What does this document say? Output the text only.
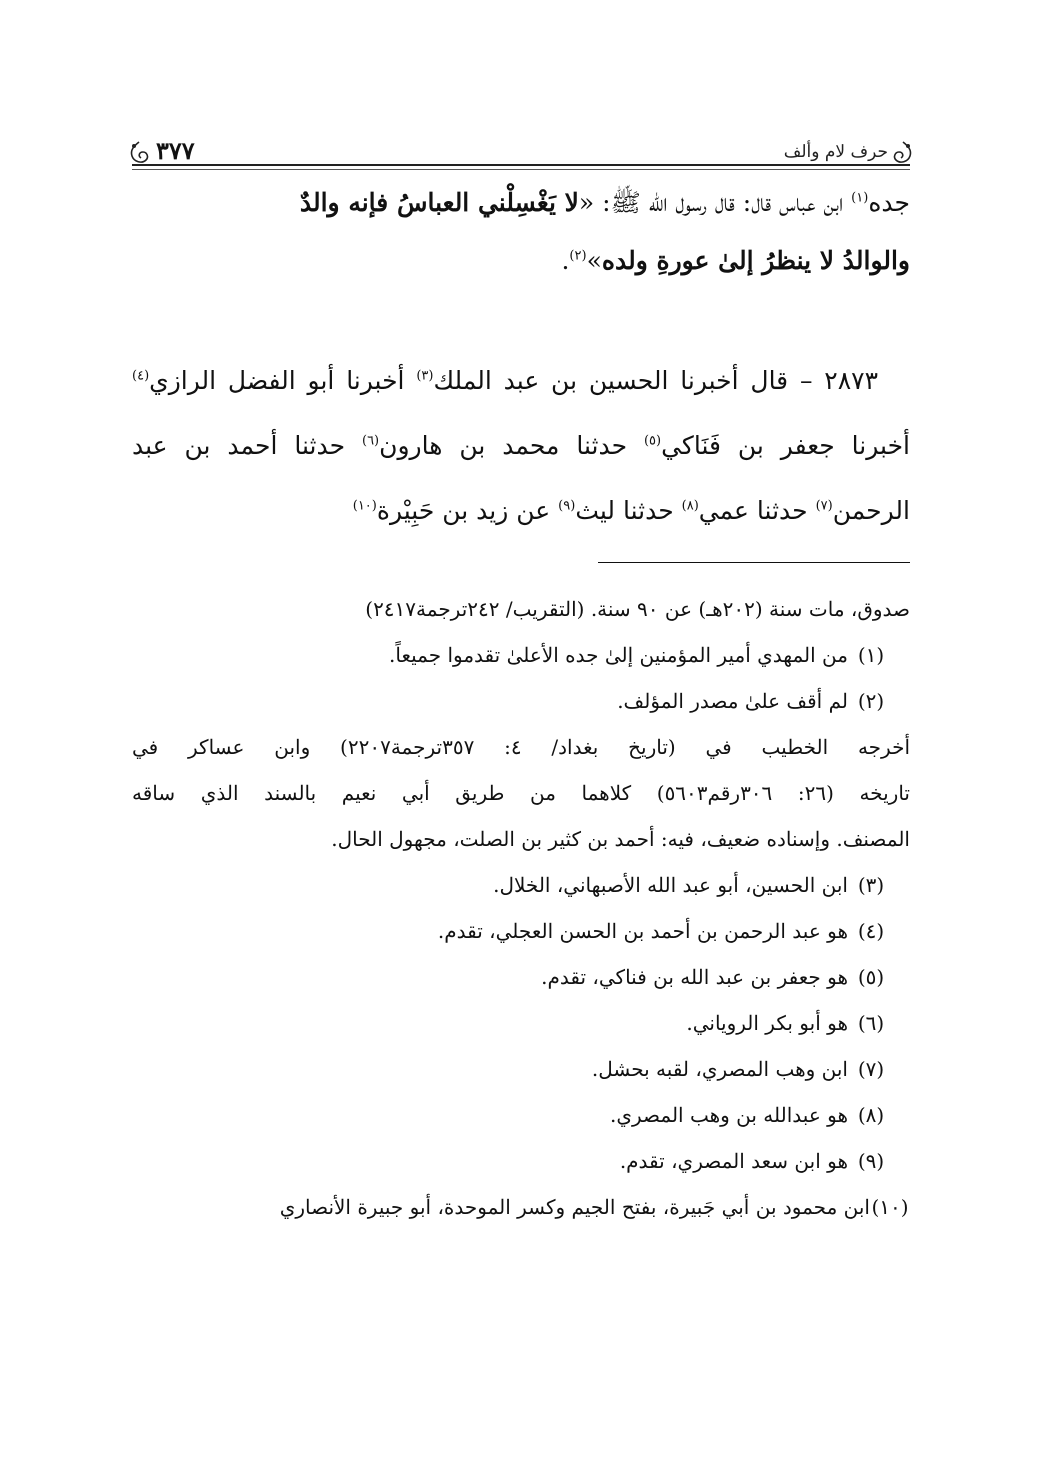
حرف لام وألف
٣٧٧

جده$^{(١)}$ ابن عباس قال: قال رسول الله ﷺ: «لا يَغْسِلْني العباسُ فإنه والدٌ

والوالدُ لا ينظرُ إلىٰ عورةِ ولده»$^{(٢)}$.

٢٨٧٣ – قال أخبرنا الحسين بن عبد الملك$^{(٣)}$ أخبرنا أبو الفضل الرازي$^{(٤)}$ أخبرنا جعفر بن فَنَاكي$^{(٥)}$ حدثنا محمد بن هارون$^{(٦)}$ حدثنا أحمد بن عبد الرحمن$^{(٧)}$ حدثنا عمي$^{(٨)}$ حدثنا ليث$^{(٩)}$ عن زيد بن حَبِيْرة$^{(١٠)}$
صدوق، مات سنة (٢٠٢هـ) عن ٩٠ سنة. (التقريب/ ٢٤٢ترجمة٢٤١٧)
(١)من المهدي أمير المؤمنين إلىٰ جده الأعلىٰ تقدموا جميعاً.
(٢)لم أقف علىٰ مصدر المؤلف.
أخرجه الخطيب في (تاريخ بغداد/ ٤: ٣٥٧ترجمة٢٢٠٧) وابن عساكر في
تاريخه (٢٦: ٣٠٦رقم٥٦٠٣) كلاهما من طريق أبي نعيم بالسند الذي ساقه
المصنف. وإسناده ضعيف، فيه: أحمد بن كثير بن الصلت، مجهول الحال.
(٣)ابن الحسين، أبو عبد الله الأصبهاني، الخلال.
(٤)هو عبد الرحمن بن أحمد بن الحسن العجلي، تقدم.
(٥)هو جعفر بن عبد الله بن فناكي، تقدم.
(٦)هو أبو بكر الروياني.
(٧)ابن وهب المصري، لقبه بحشل.
(٨)هو عبدالله بن وهب المصري.
(٩)هو ابن سعد المصري، تقدم.
(١٠)ابن محمود بن أبي جَبيرة، بفتح الجيم وكسر الموحدة، أبو جبيرة الأنصاري
